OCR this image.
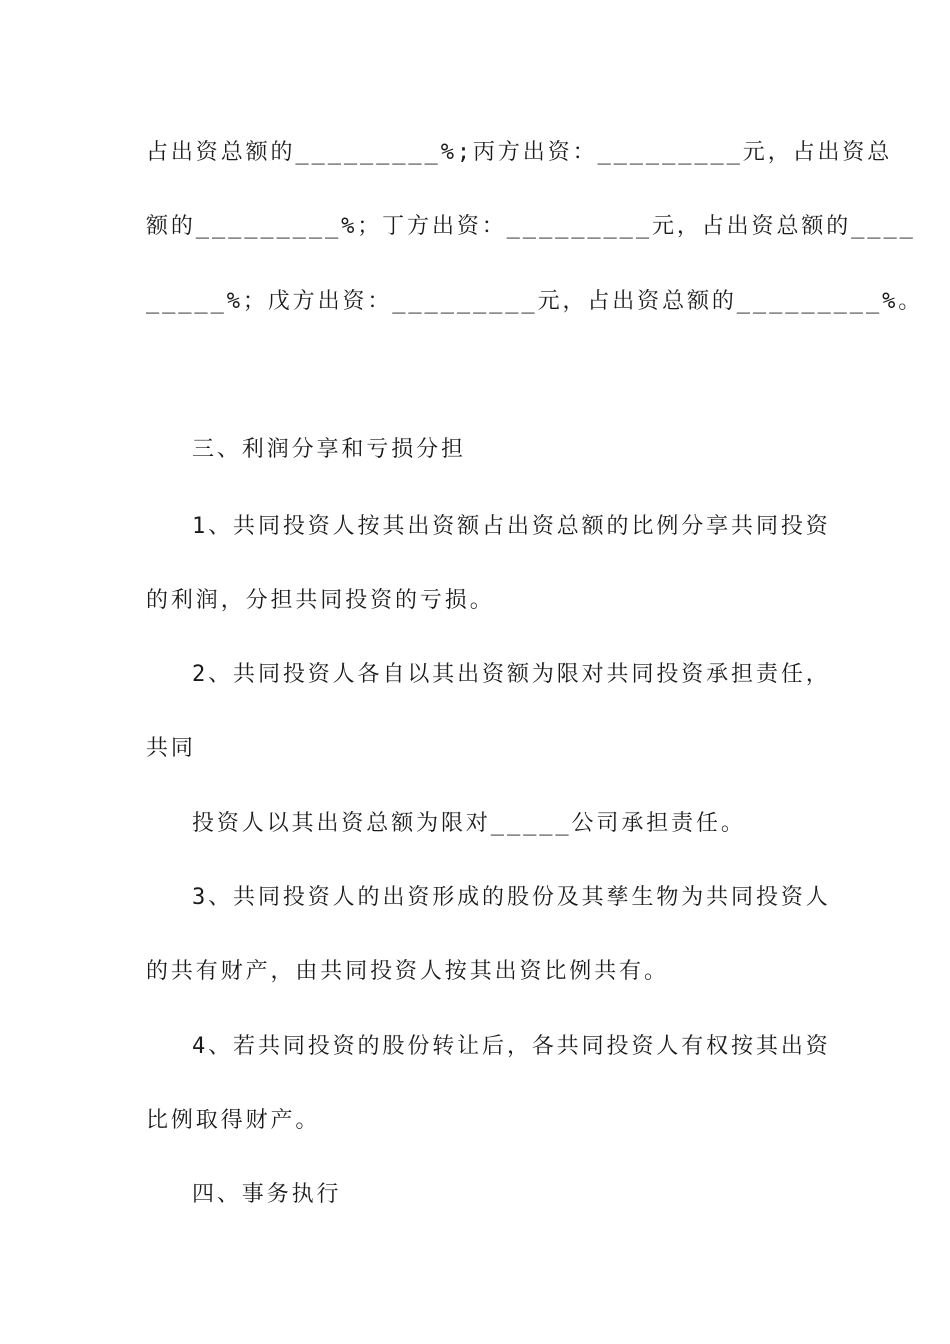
占出资总额的_________%;丙方出资：_________元，占出资总
额的_________%；丁方出资：_________元，占出资总额的____
_____%；戊方出资：_________元，占出资总额的_________%。
三、利润分享和亏损分担
1、共同投资人按其出资额占出资总额的比例分享共同投资
的利润，分担共同投资的亏损。
2、共同投资人各自以其出资额为限对共同投资承担责任，
共同
投资人以其出资总额为限对_____公司承担责任。
3、共同投资人的出资形成的股份及其孳生物为共同投资人
的共有财产，由共同投资人按其出资比例共有。
4、若共同投资的股份转让后，各共同投资人有权按其出资
比例取得财产。
四、事务执行
